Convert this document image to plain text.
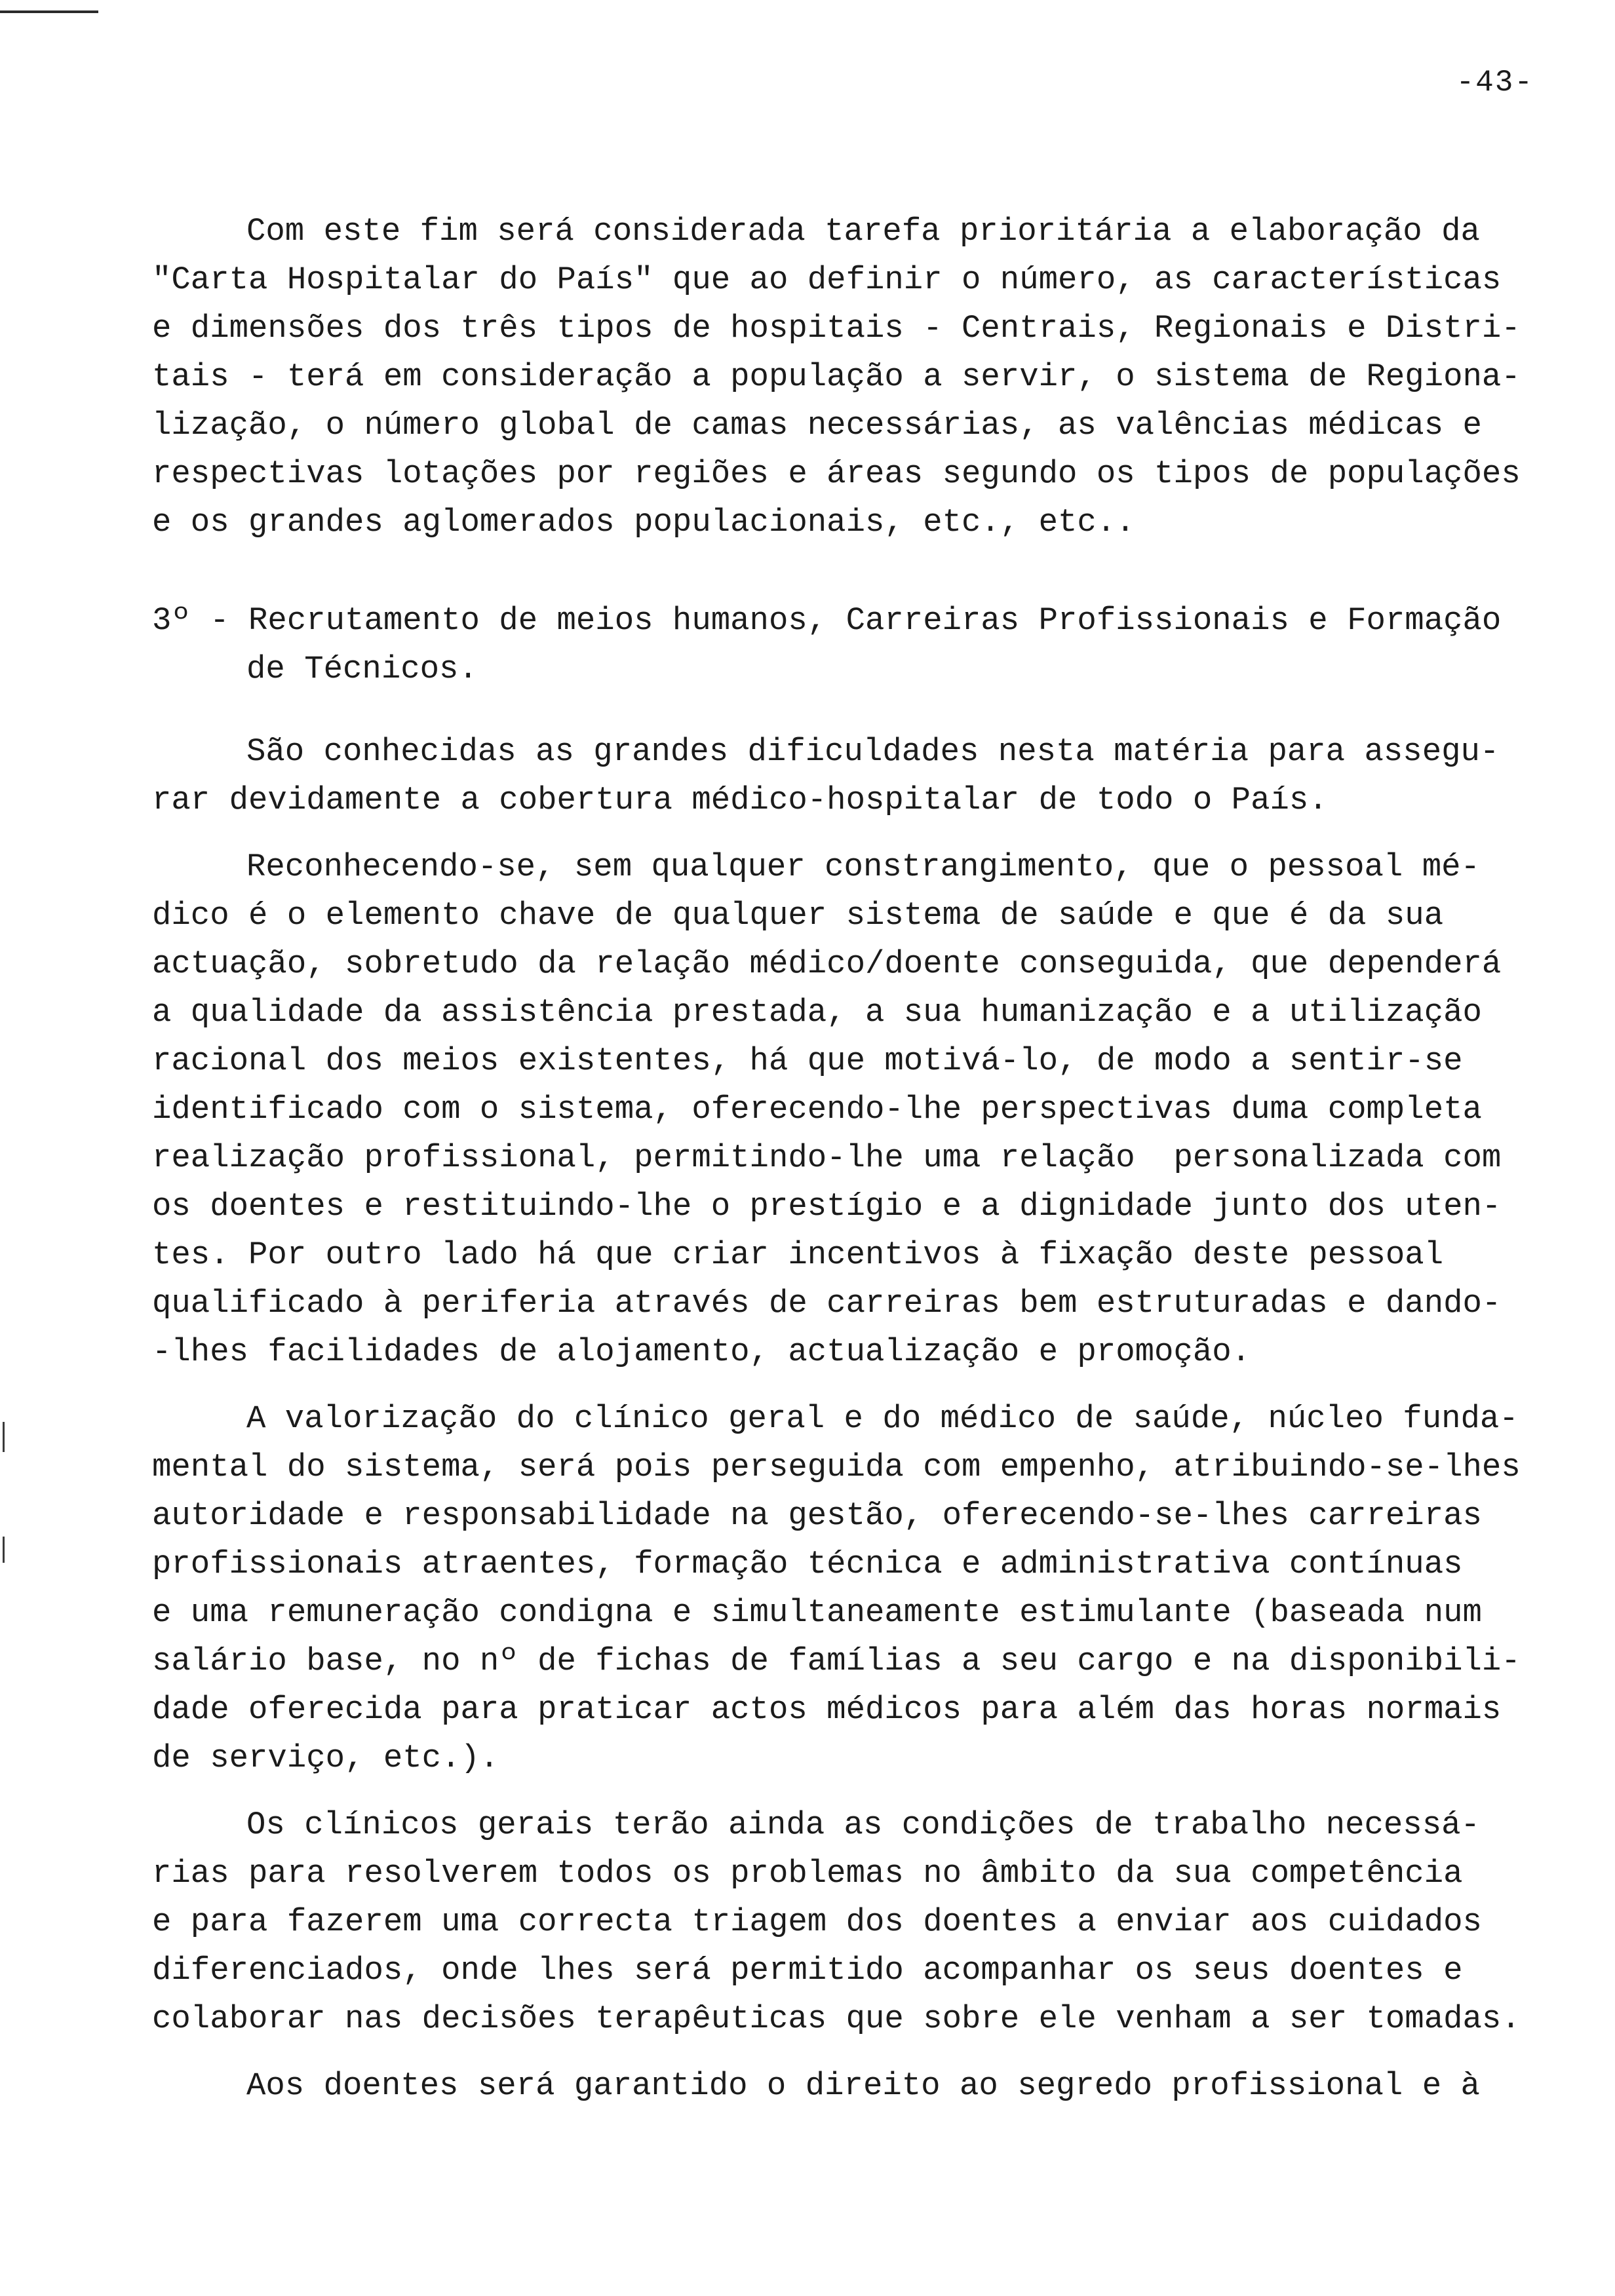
-43-

Com este fim será considerada tarefa prioritária a elaboração da

"Carta Hospitalar do País" que ao definir o número, as características

e dimensões dos três tipos de hospitais - Centrais, Regionais e Distri-

tais - terá em consideração a população a servir, o sistema de Regiona-

lização, o número global de camas necessárias, as valências médicas e

respectivas lotações por regiões e áreas segundo os tipos de populações

e os grandes aglomerados populacionais, etc., etc..

3º - Recrutamento de meios humanos, Carreiras Profissionais e Formação

de Técnicos.

São conhecidas as grandes dificuldades nesta matéria para assegu-

rar devidamente a cobertura médico-hospitalar de todo o País.

Reconhecendo-se, sem qualquer constrangimento, que o pessoal mé-

dico é o elemento chave de qualquer sistema de saúde e que é da sua

actuação, sobretudo da relação médico/doente conseguida, que dependerá

a qualidade da assistência prestada, a sua humanização e a utilização

racional dos meios existentes, há que motivá-lo, de modo a sentir-se

identificado com o sistema, oferecendo-lhe perspectivas duma completa

realização profissional, permitindo-lhe uma relação  personalizada com

os doentes e restituindo-lhe o prestígio e a dignidade junto dos uten-

tes. Por outro lado há que criar incentivos à fixação deste pessoal

qualificado à periferia através de carreiras bem estruturadas e dando-

-lhes facilidades de alojamento, actualização e promoção.

A valorização do clínico geral e do médico de saúde, núcleo funda-

mental do sistema, será pois perseguida com empenho, atribuindo-se-lhes

autoridade e responsabilidade na gestão, oferecendo-se-lhes carreiras

profissionais atraentes, formação técnica e administrativa contínuas

e uma remuneração condigna e simultaneamente estimulante (baseada num

salário base, no nº de fichas de famílias a seu cargo e na disponibili-

dade oferecida para praticar actos médicos para além das horas normais

de serviço, etc.).

Os clínicos gerais terão ainda as condições de trabalho necessá-

rias para resolverem todos os problemas no âmbito da sua competência

e para fazerem uma correcta triagem dos doentes a enviar aos cuidados

diferenciados, onde lhes será permitido acompanhar os seus doentes e

colaborar nas decisões terapêuticas que sobre ele venham a ser tomadas.

Aos doentes será garantido o direito ao segredo profissional e à
